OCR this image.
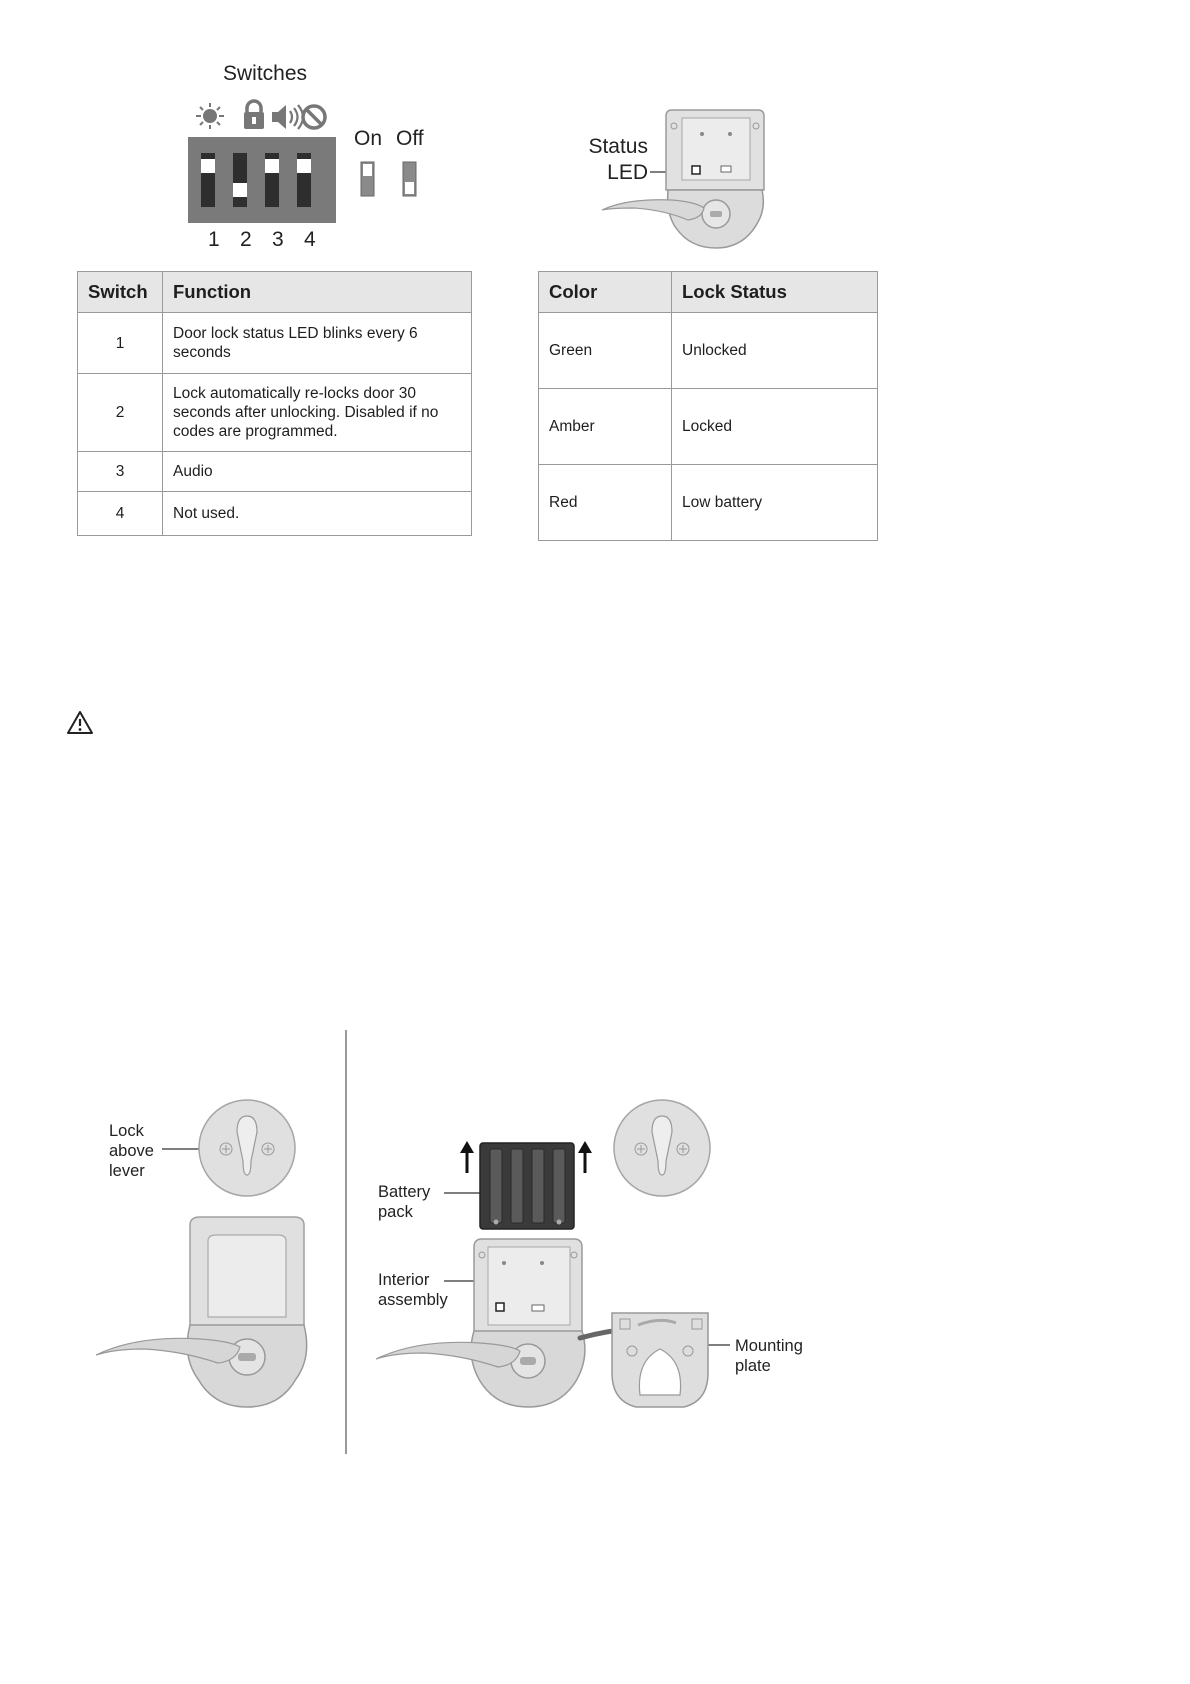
Switches
1 2 3 4
On Off	Status
LED
Switch	Function
1	Door lock status LED blinks every 6 seconds
2	Lock automatically re-locks door 30 seconds after unlocking. Disabled if no codes are programmed.
3	Audio
4	Not used.
Color	Lock Status
Green	Unlocked
Amber	Locked
Red	Low battery
Lock
above
lever
Battery
pack
Interior
assembly
Mounting
plate
